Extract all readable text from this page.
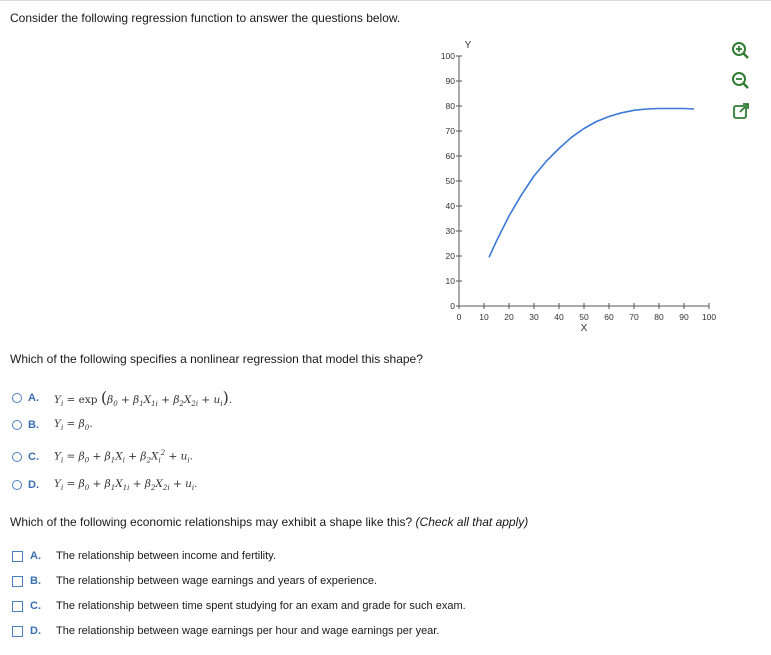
Consider the following regression function to answer the questions below.
0
10
20
30
40
50
60
70
80
90
100
0 10 20 30 40 50 60 70 80 90 100
Y
X
Which of the following specifies a nonlinear regression that model this shape?
A.	$Y_i = \exp (\beta_0 + \beta_1X_{1i} + \beta_2X_{2i} + u_i)$.
B.	$Y_i = \beta_0$.
C.	$Y_i = \beta_0 + \beta_1X_i + \beta_2X_i^2 + u_i$.
D.	$Y_i = \beta_0 + \beta_1X_{1i} + \beta_2X_{2i} + u_i$.
Which of the following economic relationships may exhibit a shape like this? (Check all that apply)
A.	The relationship between income and fertility.
B.	The relationship between wage earnings and years of experience.
C.	The relationship between time spent studying for an exam and grade for such exam.
D.	The relationship between wage earnings per hour and wage earnings per year.
